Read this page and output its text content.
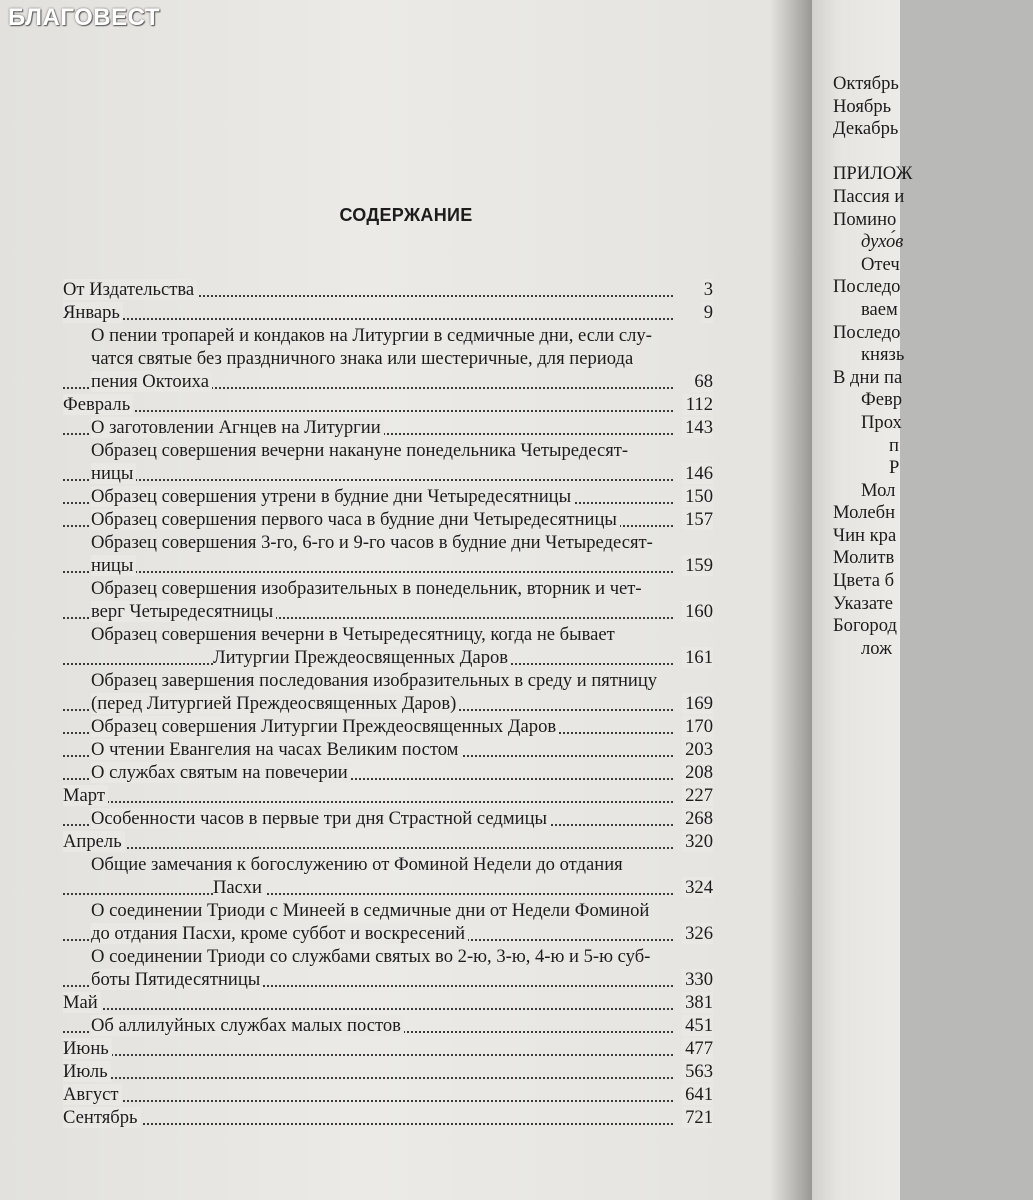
БЛАГОВЕСТ
СОДЕРЖАНИЕ
От Издательства	3
Январь	9
О пении тропарей и кондаков на Литургии в седмичные дни, если слу-
чатся святые без праздничного знака или шестеричные, для периода
пения Октоиха	68
Февраль	112
О заготовлении Агнцев на Литургии	143
Образец совершения вечерни накануне понедельника Четыредесят-
ницы	146
Образец совершения утрени в будние дни Четыредесятницы	150
Образец совершения первого часа в будние дни Четыредесятницы	157
Образец совершения 3-го, 6-го и 9-го часов в будние дни Четыредесят-
ницы	159
Образец совершения изобразительных в понедельник, вторник и чет-
верг Четыредесятницы	160
Образец совершения вечерни в Четыредесятницу, когда не бывает
Литургии Преждеосвященных Даров	161
Образец завершения последования изобразительных в среду и пятницу
(перед Литургией Преждеосвященных Даров)	169
Образец совершения Литургии Преждеосвященных Даров	170
О чтении Евангелия на часах Великим постом	203
О службах святым на повечерии	208
Март	227
Особенности часов в первые три дня Страстной седмицы	268
Апрель	320
Общие замечания к богослужению от Фоминой Недели до отдания
Пасхи	324
О соединении Триоди с Минеей в седмичные дни от Недели Фоминой
до отдания Пасхи, кроме суббот и воскресений	326
О соединении Триоди со службами святых во 2-ю, 3-ю, 4-ю и 5-ю суб-
боты Пятидесятницы	330
Май	381
Об аллилуйных службах малых постов	451
Июнь	477
Июль	563
Август	641
Сентябрь	721
Октябрь
Ноябрь
Декабрь
ПРИЛОЖ
Пассия и
Помино
духо́в
Отеч
Последо
ваем
Последо
князь
В дни па
Февр
Прох
п
Р
Мол
Молебн
Чин кра
Молитв
Цвета б
Указате
Богород
лож
